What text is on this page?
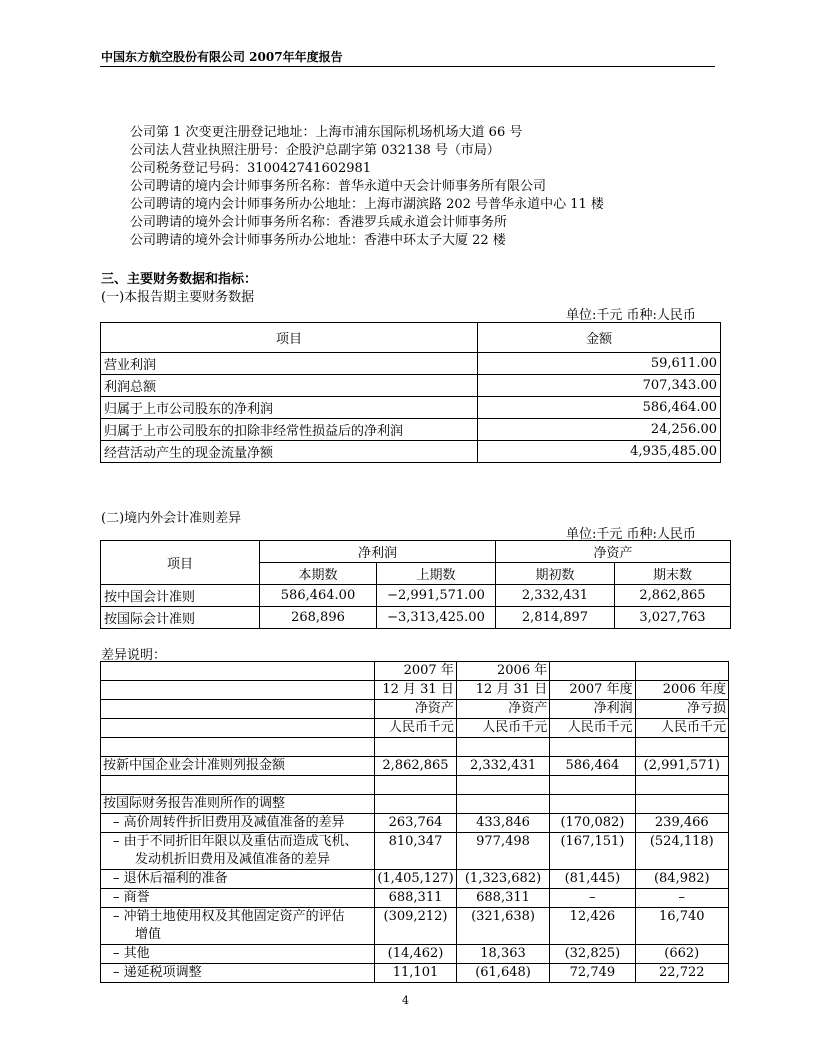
中国东方航空股份有限公司 2007年年度报告
公司第 1 次变更注册登记地址：上海市浦东国际机场机场大道 66 号
公司法人营业执照注册号：企股沪总副字第 032138 号（市局）
公司税务登记号码：310042741602981
公司聘请的境内会计师事务所名称：普华永道中天会计师事务所有限公司
公司聘请的境内会计师事务所办公地址：上海市湖滨路 202 号普华永道中心 11 楼
公司聘请的境外会计师事务所名称：香港罗兵咸永道会计师事务所
公司聘请的境外会计师事务所办公地址：香港中环太子大厦 22 楼
三、主要财务数据和指标：
(一)本报告期主要财务数据
单位:千元 币种:人民币
项目	金额
营业利润	59,611.00
利润总额	707,343.00
归属于上市公司股东的净利润	586,464.00
归属于上市公司股东的扣除非经常性损益后的净利润	24,256.00
经营活动产生的现金流量净额	4,935,485.00
(二)境内外会计准则差异
单位:千元 币种:人民币
项目	净利润		净资产	
	本期数	上期数	期初数	期末数
按中国会计准则	586,464.00	−2,991,571.00	2,332,431	2,862,865
按国际会计准则	268,896	−3,313,425.00	2,814,897	3,027,763
差异说明：
	2007 年	2006 年		
	12 月 31 日	12 月 31 日	2007 年度	2006 年度
	净资产	净资产	净利润	净亏损
	人民币千元	人民币千元	人民币千元	人民币千元

按新中国企业会计准则列报金额	2,862,865	2,332,431	586,464	(2,991,571)

按国际财务报告准则所作的调整				

– 高价周转件折旧费用及减值准备的差异	263,764	433,846	(170,082)	239,466

– 由于不同折旧年限以及重估而造成飞机、
发动机折旧费用及减值准备的差异	810,347	977,498	(167,151)	(524,118)

– 退休后福利的准备	(1,405,127)	(1,323,682)	(81,445)	(84,982)

– 商誉	688,311	688,311	–	–

– 冲销土地使用权及其他固定资产的评估
增值	(309,212)	(321,638)	12,426	16,740

– 其他	(14,462)	18,363	(32,825)	(662)

– 递延税项调整	11,101	(61,648)	72,749	22,722
4
